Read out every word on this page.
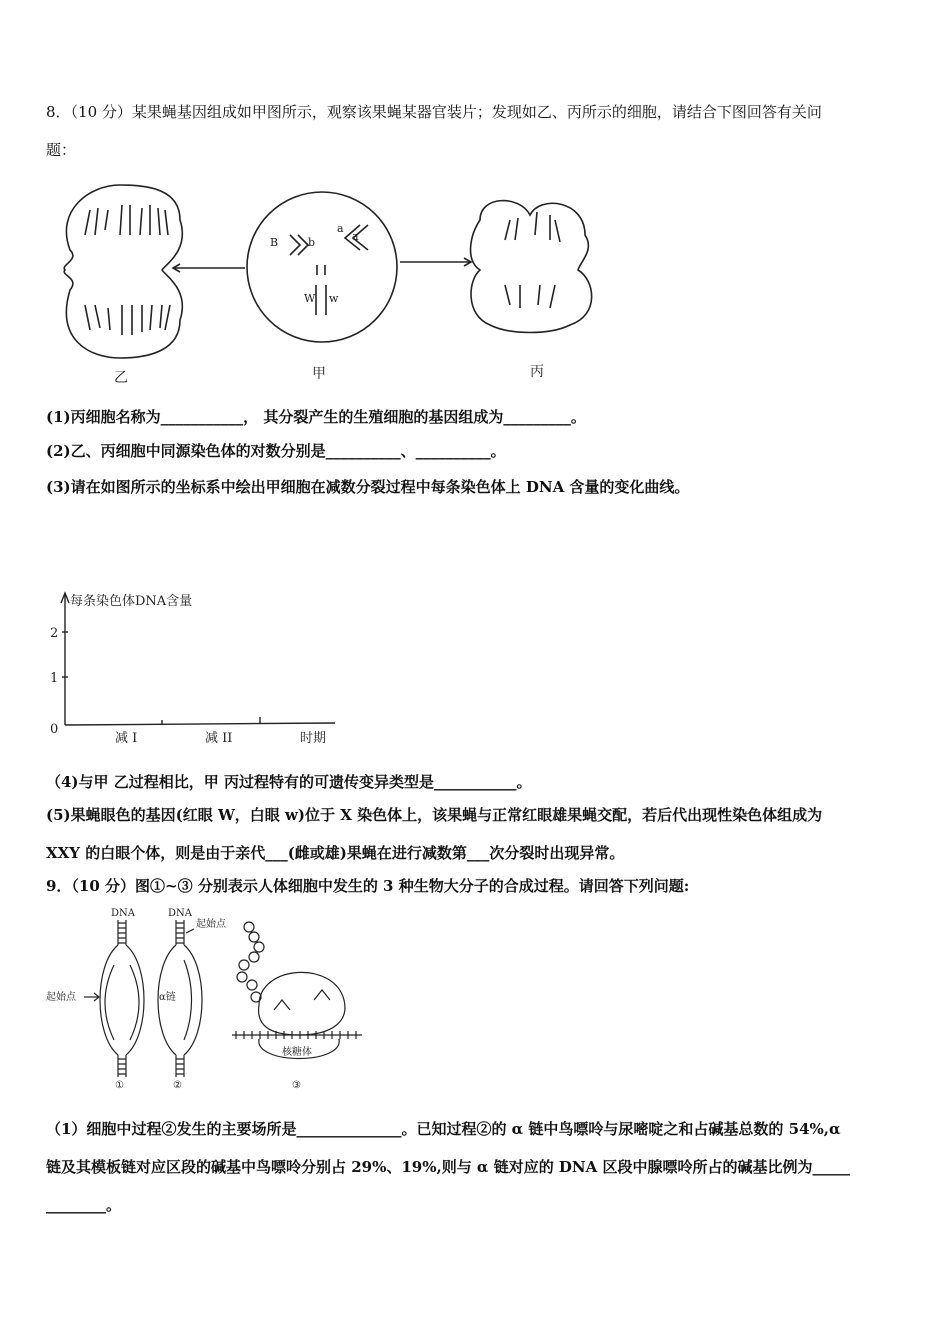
8．（10 分）某果蝇基因组成如甲图所示，观察该果蝇某器官装片；发现如乙、丙所示的细胞，请结合下图回答有关问
题：
B	b
a
a
W w
乙	甲	丙
(1)丙细胞名称为___________， 其分裂产生的生殖细胞的基因组成为_________。
(2)乙、丙细胞中同源染色体的对数分别是__________、__________。
(3)请在如图所示的坐标系中绘出甲细胞在减数分裂过程中每条染色体上 DNA 含量的变化曲线。
每条染色体DNA含量
2
1
0
减 I	减 II	时期
（4)与甲 乙过程相比，甲 丙过程特有的可遗传变异类型是___________。
(5)果蝇眼色的基因(红眼 W，白眼 w)位于 X 染色体上，该果蝇与正常红眼雄果蝇交配，若后代出现性染色体组成为
XXY 的白眼个体，则是由于亲代___(雌或雄)果蝇在进行减数第___次分裂时出现异常。
9．（10 分）图①~③ 分别表示人体细胞中发生的 3 种生物大分子的合成过程。请回答下列问题:
DNA	DNA
起始点
起始点	α链
核糖体
①	②	③
（1）细胞中过程②发生的主要场所是______________。已知过程②的 α 链中鸟嘌呤与尿嘧啶之和占碱基总数的 54%,α
链及其模板链对应区段的碱基中鸟嘌呤分别占 29%、19%,则与 α 链对应的 DNA 区段中腺嘌呤所占的碱基比例为_____
________。
